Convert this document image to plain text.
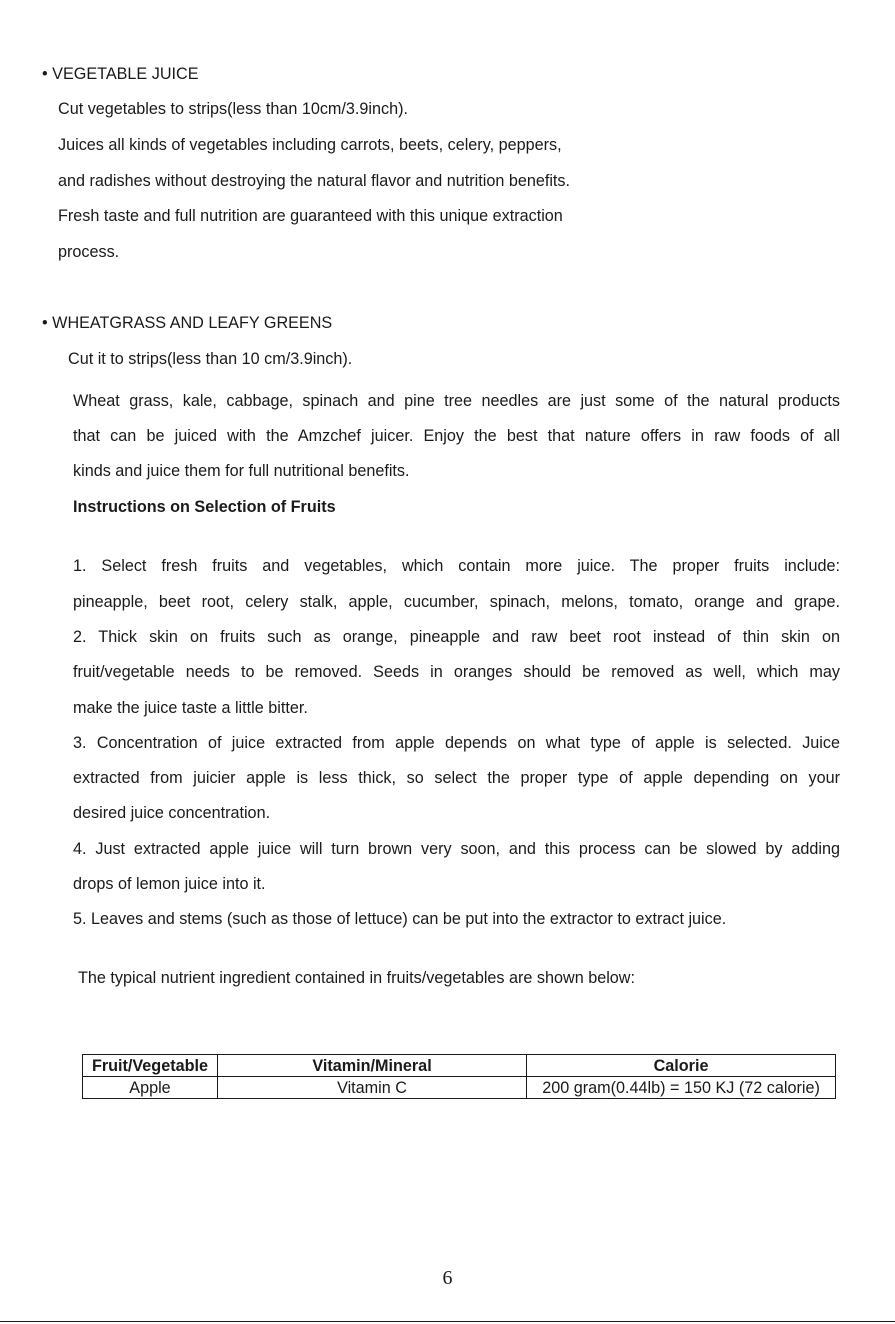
• VEGETABLE JUICE
Cut vegetables to strips(less than 10cm/3.9inch).
Juices all kinds of vegetables including carrots, beets, celery, peppers,
and radishes without destroying the natural flavor and nutrition benefits.
Fresh taste and full nutrition are guaranteed with this unique extraction
process.
• WHEATGRASS AND LEAFY GREENS
Cut it to strips(less than 10 cm/3.9inch).
Wheat grass, kale, cabbage, spinach and pine tree needles are just some of the natural products
that can be juiced with the Amzchef juicer. Enjoy the best that nature offers in raw foods of all
kinds and juice them for full nutritional benefits.
Instructions on Selection of Fruits
1. Select fresh fruits and vegetables, which contain more juice. The proper fruits include:
pineapple, beet root, celery stalk, apple, cucumber, spinach, melons, tomato, orange and grape.
2. Thick skin on fruits such as orange, pineapple and raw beet root instead of thin skin on
fruit/vegetable needs to be removed. Seeds in oranges should be removed as well, which may
make the juice taste a little bitter.
3. Concentration of juice extracted from apple depends on what type of apple is selected. Juice
extracted from juicier apple is less thick, so select the proper type of apple depending on your
desired juice concentration.
4. Just extracted apple juice will turn brown very soon, and this process can be slowed by adding
drops of lemon juice into it.
5. Leaves and stems (such as those of lettuce) can be put into the extractor to extract juice.
The typical nutrient ingredient contained in fruits/vegetables are shown below:
Fruit/Vegetable	Vitamin/Mineral	Calorie
Apple	Vitamin C	200 gram(0.44lb) = 150 KJ (72 calorie)
6
